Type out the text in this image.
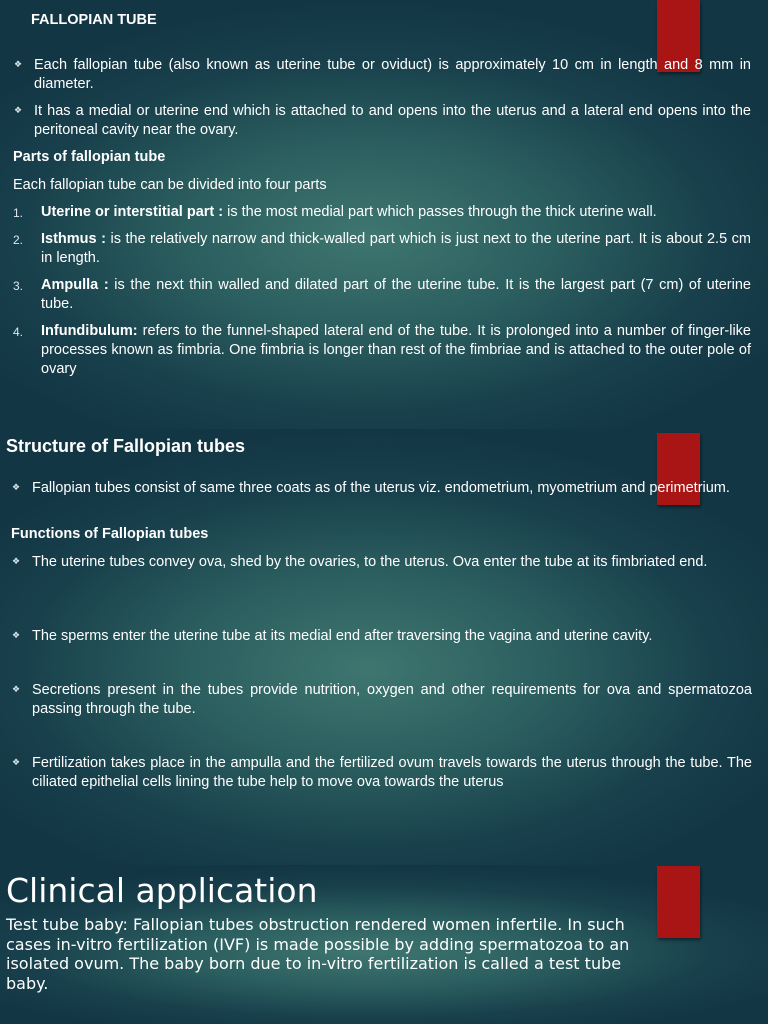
FALLOPIAN TUBE
❖ Each fallopian tube (also known as uterine tube or oviduct) is approximately 10 cm in length and 8 mm in diameter.
❖ It has a medial or uterine end which is attached to and opens into the uterus and a lateral end opens into the peritoneal cavity near the ovary.
Parts of fallopian tube
Each fallopian tube can be divided into four parts
1. Uterine or interstitial part : is the most medial part which passes through the thick uterine wall.
2. Isthmus : is the relatively narrow and thick-walled part which is just next to the uterine part. It is about 2.5 cm in length.
3. Ampulla : is the next thin walled and dilated part of the uterine tube. It is the largest part (7 cm) of uterine tube.
4. Infundibulum: refers to the funnel-shaped lateral end of the tube. It is prolonged into a number of finger-like processes known as fimbria. One fimbria is longer than rest of the fimbriae and is attached to the outer pole of ovary
Structure of Fallopian tubes
❖ Fallopian tubes consist of same three coats as of the uterus viz. endometrium, myometrium and perimetrium.
Functions of Fallopian tubes
❖ The uterine tubes convey ova, shed by the ovaries, to the uterus. Ova enter the tube at its fimbriated end.
❖ The sperms enter the uterine tube at its medial end after traversing the vagina and uterine cavity.
❖ Secretions present in the tubes provide nutrition, oxygen and other requirements for ova and spermatozoa passing through the tube.
❖ Fertilization takes place in the ampulla and the fertilized ovum travels towards the uterus through the tube. The ciliated epithelial cells lining the tube help to move ova towards the uterus
Clinical application
Test tube baby: Fallopian tubes obstruction rendered women infertile. In such cases in-vitro fertilization (IVF) is made possible by adding spermatozoa to an isolated ovum. The baby born due to in-vitro fertilization is called a test tube baby.
